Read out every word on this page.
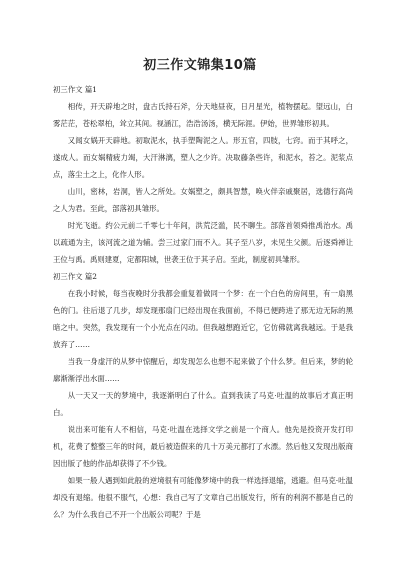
初三作文锦集10篇

初三作文 篇1

相传，开天辟地之时，盘古氏持石斧，分天地昼夜，日月星光，植物摆起。望远山，白雾茫茫，苍松翠柏，耸立其间。视涵江，浩浩汤汤，横无际涯。伊始，世界雏形初具。

又闻女娲开天辟地。初取泥水，执手塑陶泥之人。形五官，四肢，七窍。而于其呼之，遂成人。而女娲精疲力竭，大汗淋漓，塑人之少许。决取藤条些许，和泥水，苔之。泥浆点点，落尘土之上，化作人形。

山川，密林，岩洞，皆人之所处。女娲塑之，颇具智慧，唤火伴亲戚聚居，选德行高尚之人为君。至此，部落初具雏形。

时光飞逝。约公元前二千零七十年间，洪荒泛滥，民不聊生。部落首领舜推禹治水。禹以疏通为主，该河流之道为辅。尝三过家门而不入。其子至八岁，未见生父颜。后逐舜禅让王位与禹。禹则建夏，定都阳城，世袭王位于其子启。至此，制度初具雏形。

初三作文 篇2

在我小时候，每当夜晚时分我都会重复着做同一个梦：在一个白色的房间里，有一扇黑色的门。往后退了几步，却发现那扇门已经出现在我面前，不得已便跨进了那无边无际的黑暗之中。突然，我发现有一个小光点在闪动。但我越想跑近它，它仿佛就离我越远。于是我放弃了……

当我一身虚汗的从梦中惊醒后，却发现怎么也想不起来做了个什么梦。但后来，梦的轮廓渐渐浮出水面……

从一天又一天的梦境中，我逐渐明白了什么。直到我读了马克·吐温的故事后才真正明白。

说出来可能有人不相信，马克·吐温在选择文学之前是一个商人。他先是投资开发打印机，花费了整整三年的时间，最后被造假来的几十万美元都打了水漂。然后他又发现出版商因出版了他的作品却获得了不少钱。

如果一般人遇到如此般的逆境很有可能像梦境中的我一样选择退缩，逃避。但马克·吐温却没有退缩。他很不服气，心想：我自己写了文章自己出版发行，所有的利润不都是自己的么？为什么我自己不开一个出版公司呢？于是
